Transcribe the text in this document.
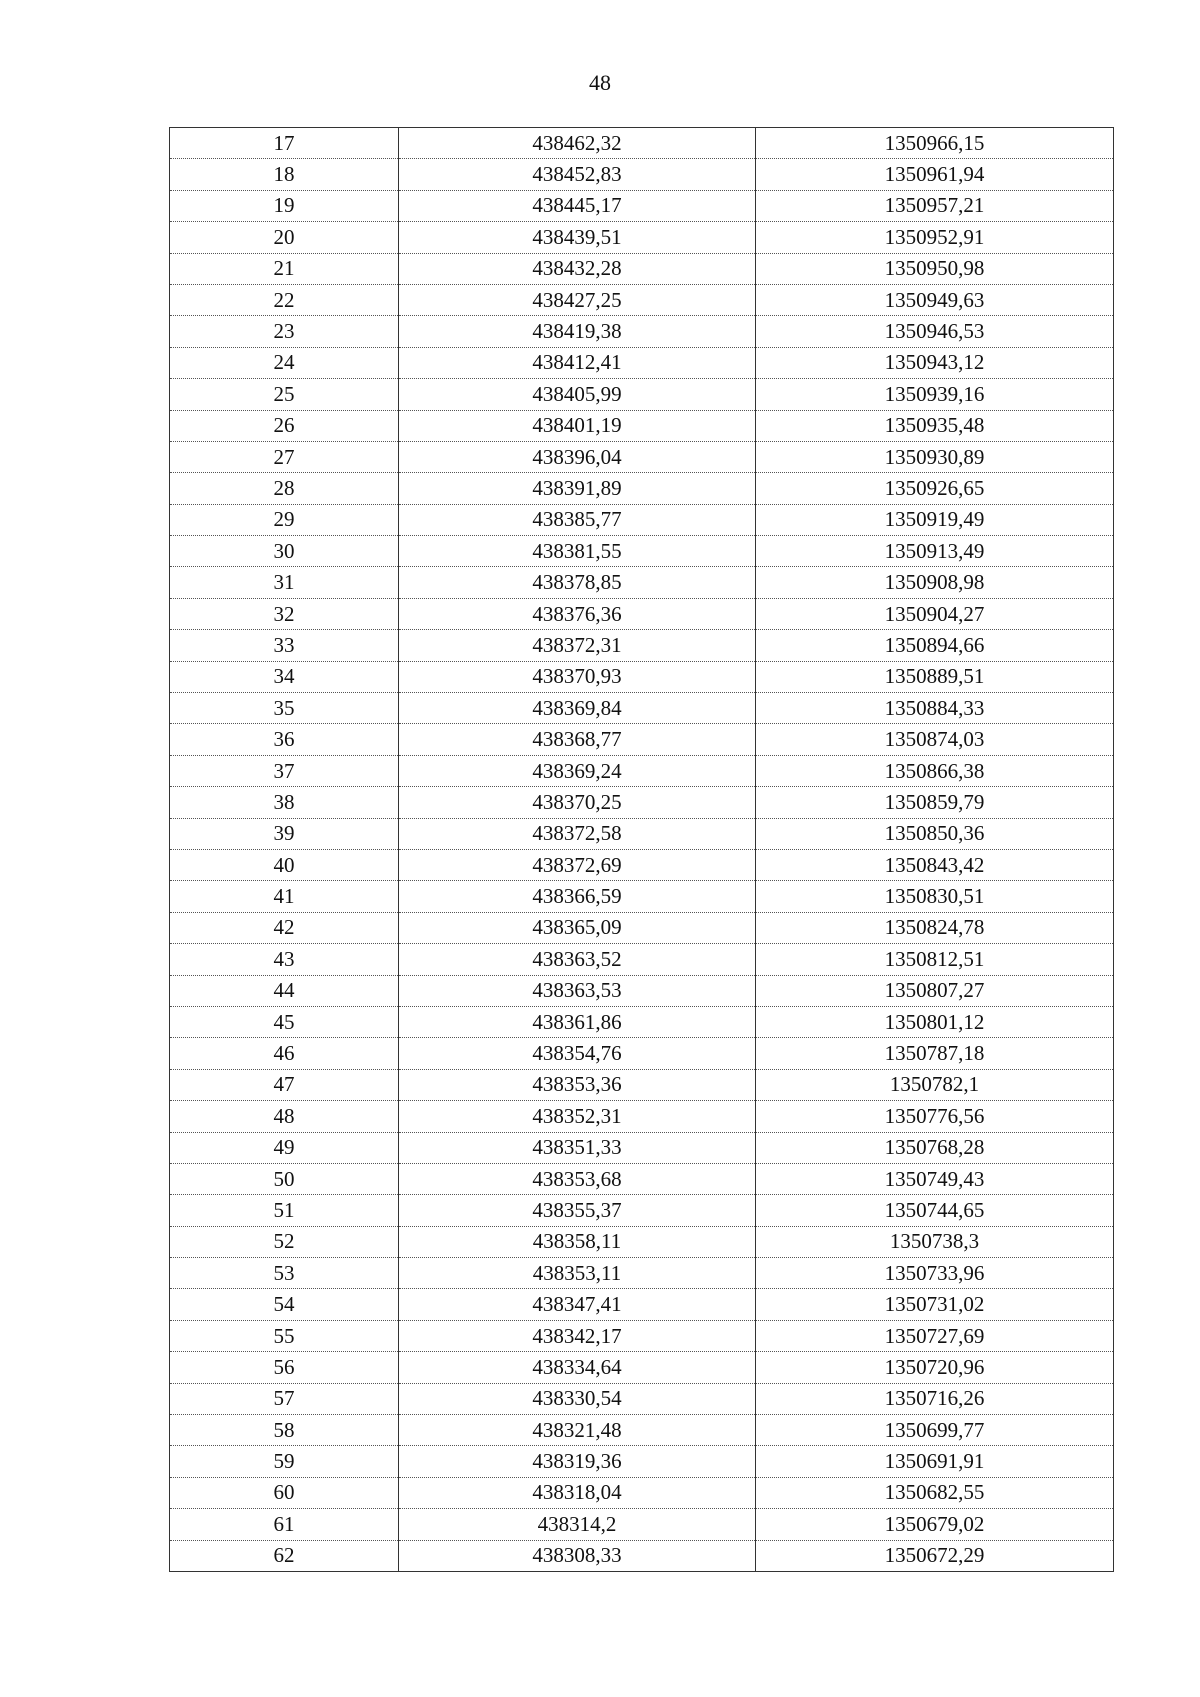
48
17	438462,32	1350966,15
18	438452,83	1350961,94
19	438445,17	1350957,21
20	438439,51	1350952,91
21	438432,28	1350950,98
22	438427,25	1350949,63
23	438419,38	1350946,53
24	438412,41	1350943,12
25	438405,99	1350939,16
26	438401,19	1350935,48
27	438396,04	1350930,89
28	438391,89	1350926,65
29	438385,77	1350919,49
30	438381,55	1350913,49
31	438378,85	1350908,98
32	438376,36	1350904,27
33	438372,31	1350894,66
34	438370,93	1350889,51
35	438369,84	1350884,33
36	438368,77	1350874,03
37	438369,24	1350866,38
38	438370,25	1350859,79
39	438372,58	1350850,36
40	438372,69	1350843,42
41	438366,59	1350830,51
42	438365,09	1350824,78
43	438363,52	1350812,51
44	438363,53	1350807,27
45	438361,86	1350801,12
46	438354,76	1350787,18
47	438353,36	1350782,1
48	438352,31	1350776,56
49	438351,33	1350768,28
50	438353,68	1350749,43
51	438355,37	1350744,65
52	438358,11	1350738,3
53	438353,11	1350733,96
54	438347,41	1350731,02
55	438342,17	1350727,69
56	438334,64	1350720,96
57	438330,54	1350716,26
58	438321,48	1350699,77
59	438319,36	1350691,91
60	438318,04	1350682,55
61	438314,2	1350679,02
62	438308,33	1350672,29
